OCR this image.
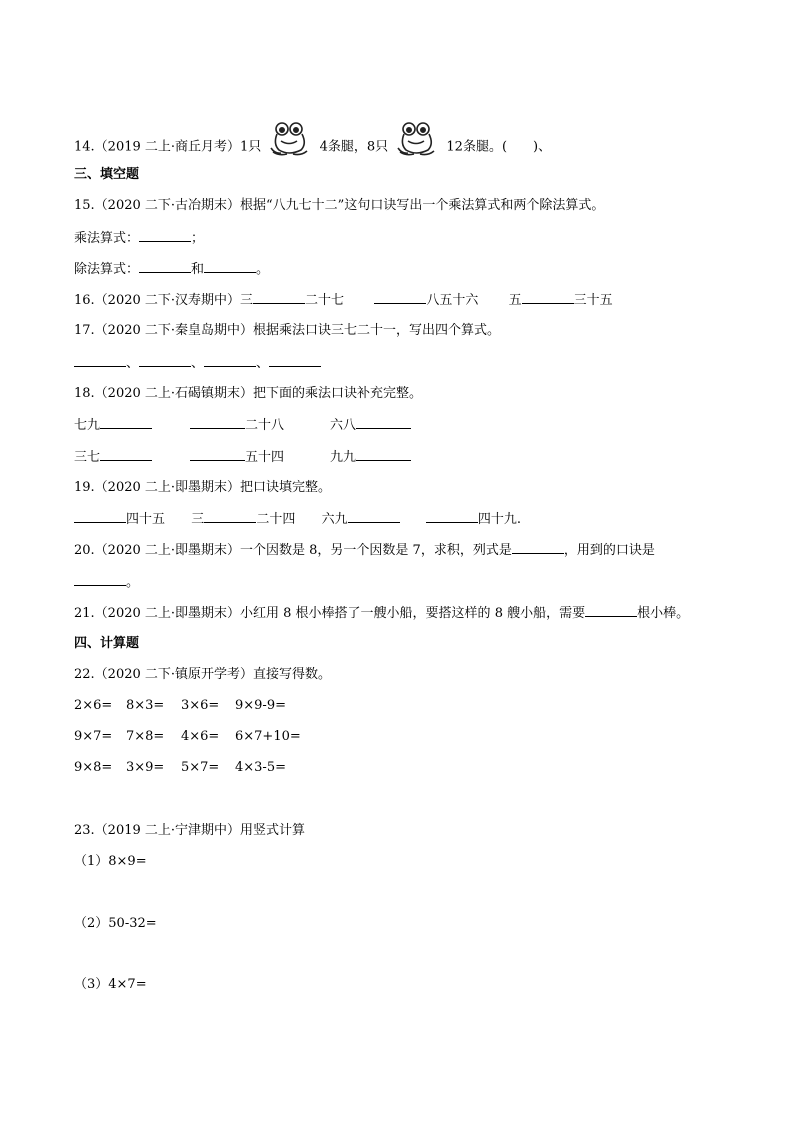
14.（2019 二上·商丘月考）1只	4条腿，8只	12条腿。(　　)、
三、填空题
15.（2020 二下·古冶期末）根据“八九七十二”这句口诀写出一个乘法算式和两个除法算式。
乘法算式：	；
除法算式：	和	。
16.（2020 二下·汉寿期中）三	二十七	八五十六 五	三十五
17.（2020 二下·秦皇岛期中）根据乘法口诀三七二十一，写出四个算式。
、	、	、
18.（2020 二上·石碣镇期末）把下面的乘法口诀补充完整。
七九	二十八	六八
三七	五十四	九九
19.（2020 二上·即墨期末）把口诀填完整。
四十五 三	二十四 六九	四十九.
20.（2020 二上·即墨期末）一个因数是 8，另一个因数是 7，求积，列式是	，用到的口诀是
。
21.（2020 二上·即墨期末）小红用 8 根小棒搭了一艘小船，要搭这样的 8 艘小船，需要	根小棒。
四、计算题
22.（2020 二下·镇原开学考）直接写得数。
2×6= 8×3= 3×6= 9×9-9=
9×7= 7×8= 4×6= 6×7+10=
9×8= 3×9= 5×7= 4×3-5=
23.（2019 二上·宁津期中）用竖式计算
（1）8×9=
（2）50-32=
（3）4×7=
